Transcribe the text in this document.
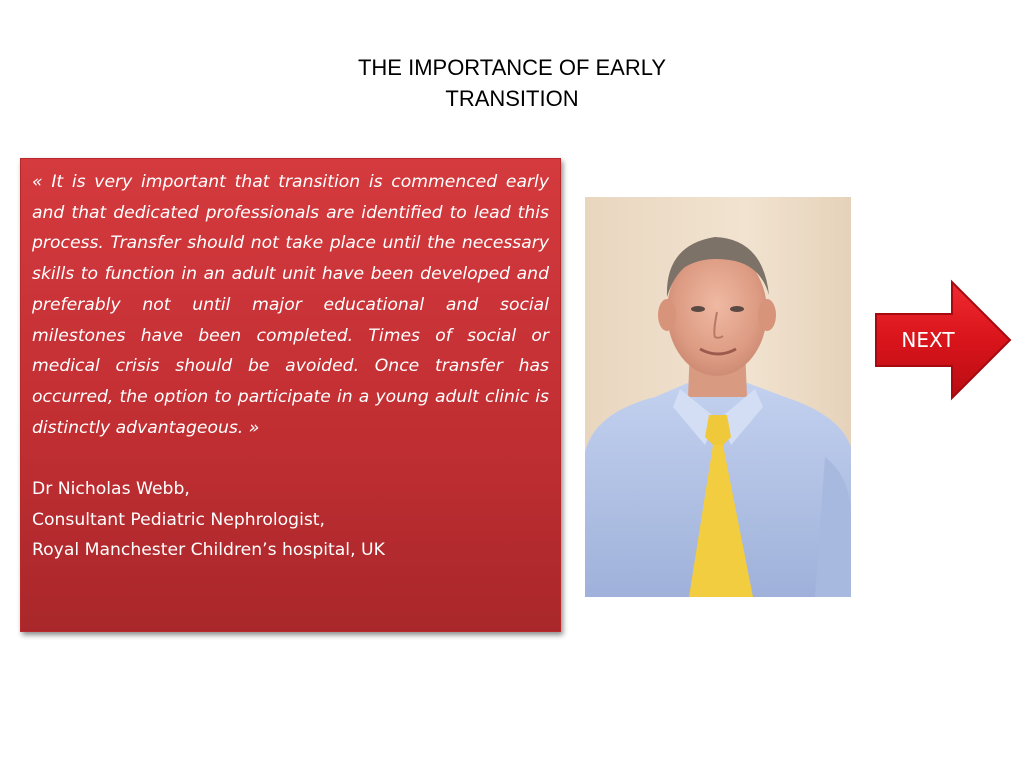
THE IMPORTANCE OF EARLY
TRANSITION

« It is very important that transition is commenced early and that dedicated professionals are identified to lead this process. Transfer should not take place until the necessary skills to function in an adult unit have been developed and preferably not until major educational and social milestones have been completed. Times of social or medical crisis should be avoided. Once transfer has occurred, the option to participate in a young adult clinic is distinctly advantageous. »

Dr Nicholas Webb,
Consultant Pediatric Nephrologist,
Royal Manchester Children’s hospital, UK
NEXT
